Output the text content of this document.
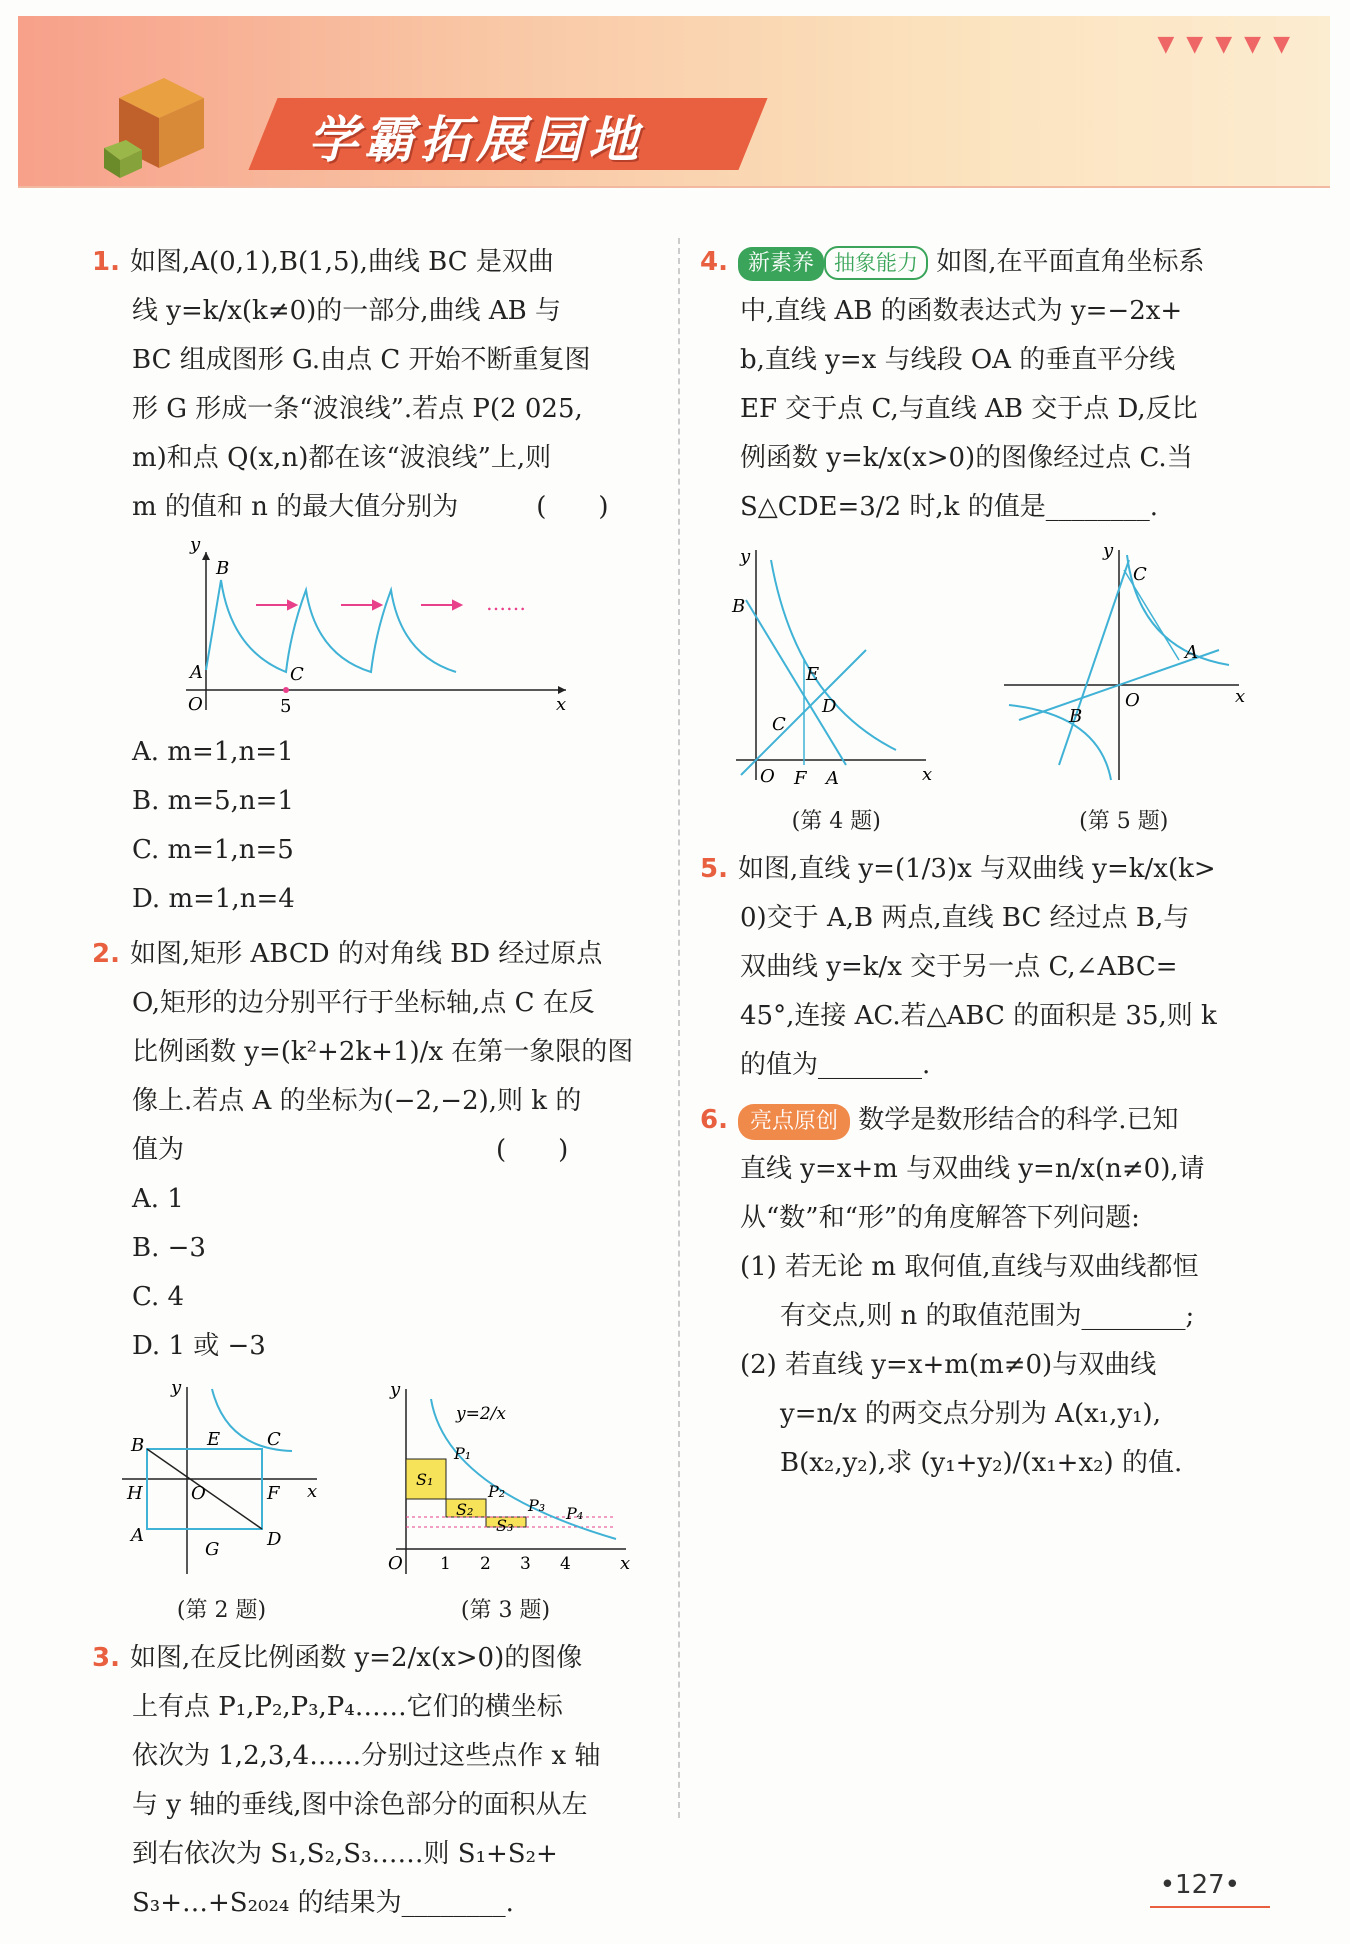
学霸拓展园地
▼▼▼▼▼
1. 如图,A(0,1),B(1,5),曲线 BC 是双曲
线 y=k/x(k≠0)的一部分,曲线 AB 与
BC 组成图形 G.由点 C 开始不断重复图
形 G 形成一条“波浪线”.若点 P(2 025,
m)和点 Q(x,n)都在该“波浪线”上,则
m 的值和 n 的最大值分别为　　　(　　)
……
y
x
O
A
B
C
5
A. m=1,n=1
B. m=5,n=1
C. m=1,n=5
D. m=1,n=4
2. 如图,矩形 ABCD 的对角线 BD 经过原点
O,矩形的边分别平行于坐标轴,点 C 在反
比例函数 y=(k²+2k+1)/x 在第一象限的图
像上.若点 A 的坐标为(−2,−2),则 k 的
值为　　　　　　　　　　　　(　　)
A. 1
B. −3
C. 4
D. 1 或 −3
y
x
O
A
B	C
D
E
F
G
H
(第 2 题)
y
x
O
y=2/x
P₁
P₂
P₃ P₄
S₁
S₂
S₃
1 2 3 4
(第 3 题)
3. 如图,在反比例函数 y=2/x(x>0)的图像
上有点 P₁,P₂,P₃,P₄……它们的横坐标
依次为 1,2,3,4……分别过这些点作 x 轴
与 y 轴的垂线,图中涂色部分的面积从左
到右依次为 S₁,S₂,S₃……则 S₁+S₂+
S₃+…+S₂₀₂₄ 的结果为________.
4. 新素养 抽象能力 如图,在平面直角坐标系
中,直线 AB 的函数表达式为 y=−2x+
b,直线 y=x 与线段 OA 的垂直平分线
EF 交于点 C,与直线 AB 交于点 D,反比
例函数 y=k/x(x>0)的图像经过点 C.当
S△CDE=3/2 时,k 的值是________.
y
x
O
B
A
F
E
D
C
(第 4 题)
y
x
O
C
A
B
(第 5 题)
5. 如图,直线 y=(1/3)x 与双曲线 y=k/x(k>
0)交于 A,B 两点,直线 BC 经过点 B,与
双曲线 y=k/x 交于另一点 C,∠ABC=
45°,连接 AC.若△ABC 的面积是 35,则 k
的值为________.
6. 亮点原创 数学是数形结合的科学.已知
直线 y=x+m 与双曲线 y=n/x(n≠0),请
从“数”和“形”的角度解答下列问题:
(1) 若无论 m 取何值,直线与双曲线都恒
有交点,则 n 的取值范围为________;
(2) 若直线 y=x+m(m≠0)与双曲线
y=n/x 的两交点分别为 A(x₁,y₁),
B(x₂,y₂),求 (y₁+y₂)/(x₁+x₂) 的值.
•127•
